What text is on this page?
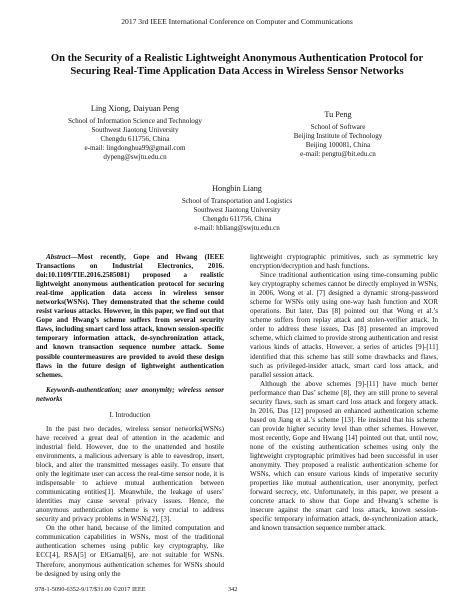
2017 3rd IEEE International Conference on Computer and Communications
On the Security of a Realistic Lightweight Anonymous Authentication Protocol for Securing Real-Time Application Data Access in Wireless Sensor Networks
Ling Xiong, Daiyuan Peng
School of Information Science and Technology
Southwest Jiaotong University
Chengdu 611756, China
e-mail: lingdonghua99@gmail.com
dypeng@swjtu.edu.cn
Tu Peng
School of Software
Beijing Institute of Technology
Beijing 100081, China
e-mail: pengtu@bit.edu.cn
Hongbin Liang
School of Transportation and Logistics
Southwest Jiaotong University
Chengdu 611756, China
e-mail: hbliang@swjtu.edu.cn

Abstract—Most recently, Gope and Hwang (IEEE Transactions on Industrial Electronics, 2016. doi:10.1109/TIE.2016.2585081) proposed a realistic lightweight anonymous authentication protocol for securing real-time application data access in wireless sensor networks(WSNs). They demonstrated that the scheme could resist various attacks. However, in this paper, we find out that Gope and Hwang’s scheme suffers from several security flaws, including smart card loss attack, known session-specific temporary information attack, de-synchronization attack, and known transaction sequence number attack. Some possible countermeasures are provided to avoid these design flaws in the future design of lightweight authentication schemes.

Keywords-authentication; user anonymity; wireless sensor networks

I. Introduction

In the past two decades, wireless sensor networks(WSNs) have received a great deal of attention in the academic and industrial field. However, due to the unattended and hostile environments, a malicious adversary is able to eavesdrop, insert, block, and alter the transmitted messages easily. To ensure that only the legitimate user can access the real-time sensor node, it is indispensable to achieve mutual authentication between communicating entities[1]. Meanwhile, the leakage of users’ identities may cause several privacy issues. Hence, the anonymous authentication scheme is very crucial to address security and privacy problems in WSNs[2], [3].

On the other hand, because of the limited computation and communication capabilities in WSNs, most of the traditional authentication schemes using public key cryptography, like ECC[4], RSA[5] or ElGamal[6], are not suitable for WSNs. Therefore, anonymous authentication schemes for WSNs should be designed by using only the

lightweight cryptographic primitives, such as symmetric key encryption/decryption and hash functions.

Since traditional authentication using time-consuming public key cryptography schemes cannot be directly employed in WSNs, in 2006, Wong et al. [7] designed a dynamic strong-password scheme for WSNs only using one-way hash function and XOR operations. But later, Das [8] pointed out that Wong et al.’s scheme suffers from replay attack and stolen-verifier attack. In order to address these issues, Das [8] presented an improved scheme, which claimed to provide strong authentication and resist various kinds of attacks. However, a series of articles [9]-[11] identified that this scheme has still some drawbacks and flaws, such as privileged-insider attack, smart card loss attack, and parallel session attack.

Although the above schemes [9]-[11] have much better performance than Das’ scheme [8], they are still prone to several security flaws, such as smart card loss attack and forgery attack. In 2016, Das [12] proposed an enhanced authentication scheme based on Jiang et al.’s scheme [13]. He insisted that his scheme can provide higher security level than other schemes. However, most recently, Gope and Hwang [14] pointed out that, until now, none of the existing authentication schemes using only the lightweight cryptographic primitives had been successful in user anonymity. They proposed a realistic authentication scheme for WSNs, which can ensure various kinds of imperative security properties like mutual authentication, user anonymity, perfect forward secrecy, etc. Unfortunately, in this paper, we present a concrete attack to show that Gope and Hwang’s scheme is insecure against the smart card loss attack, known session-specific temporary information attack, de-synchronization attack, and known transaction sequence number attack.

978-1-5090-6352-9/17/$31.00 ©2017 IEEE	342
